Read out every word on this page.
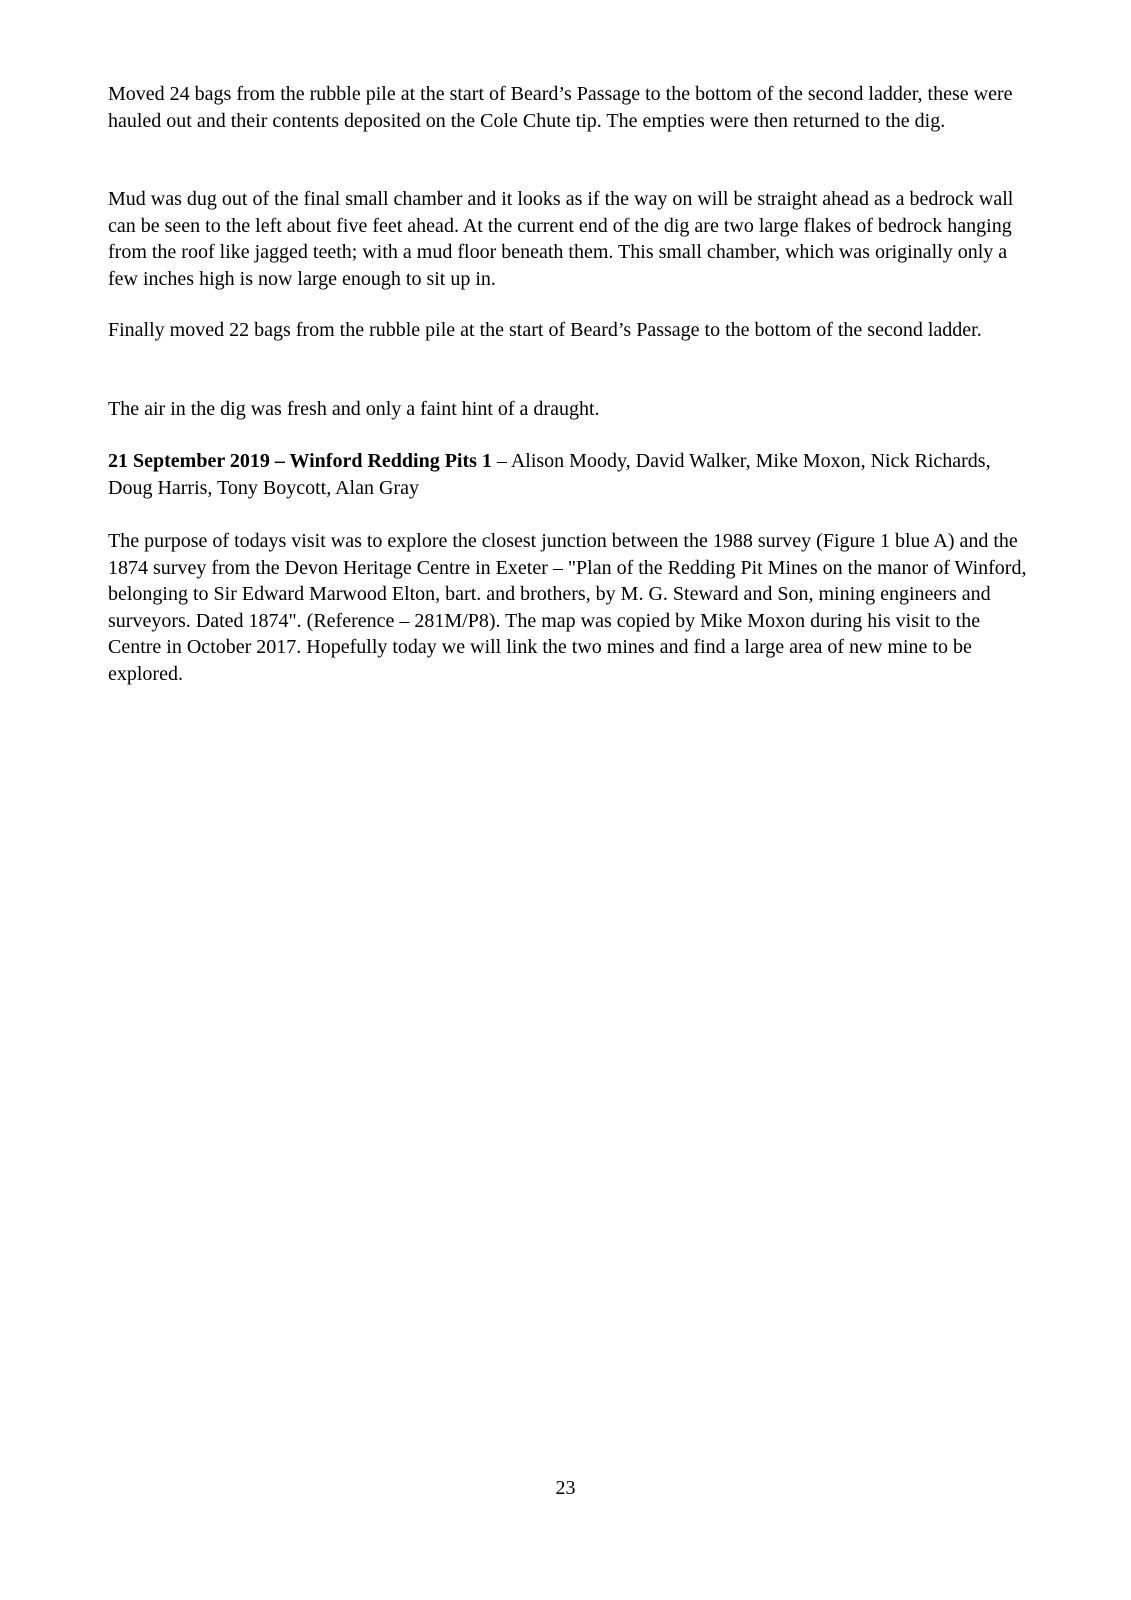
Moved 24 bags from the rubble pile at the start of Beard’s Passage to the bottom of the second ladder, these were hauled out and their contents deposited on the Cole Chute tip. The empties were then returned to the dig.

Mud was dug out of the final small chamber and it looks as if the way on will be straight ahead as a bedrock wall can be seen to the left about five feet ahead. At the current end of the dig are two large flakes of bedrock hanging from the roof like jagged teeth; with a mud floor beneath them. This small chamber, which was originally only a few inches high is now large enough to sit up in.

Finally moved 22 bags from the rubble pile at the start of Beard’s Passage to the bottom of the second ladder.

The air in the dig was fresh and only a faint hint of a draught.

21 September 2019 – Winford Redding Pits 1 – Alison Moody, David Walker, Mike Moxon, Nick Richards, Doug Harris, Tony Boycott, Alan Gray

The purpose of todays visit was to explore the closest junction between the 1988 survey (Figure 1 blue A) and the 1874 survey from the Devon Heritage Centre in Exeter – "Plan of the Redding Pit Mines on the manor of Winford, belonging to Sir Edward Marwood Elton, bart. and brothers, by M. G. Steward and Son, mining engineers and surveyors. Dated 1874". (Reference – 281M/P8). The map was copied by Mike Moxon during his visit to the Centre in October 2017. Hopefully today we will link the two mines and find a large area of new mine to be explored.

23
